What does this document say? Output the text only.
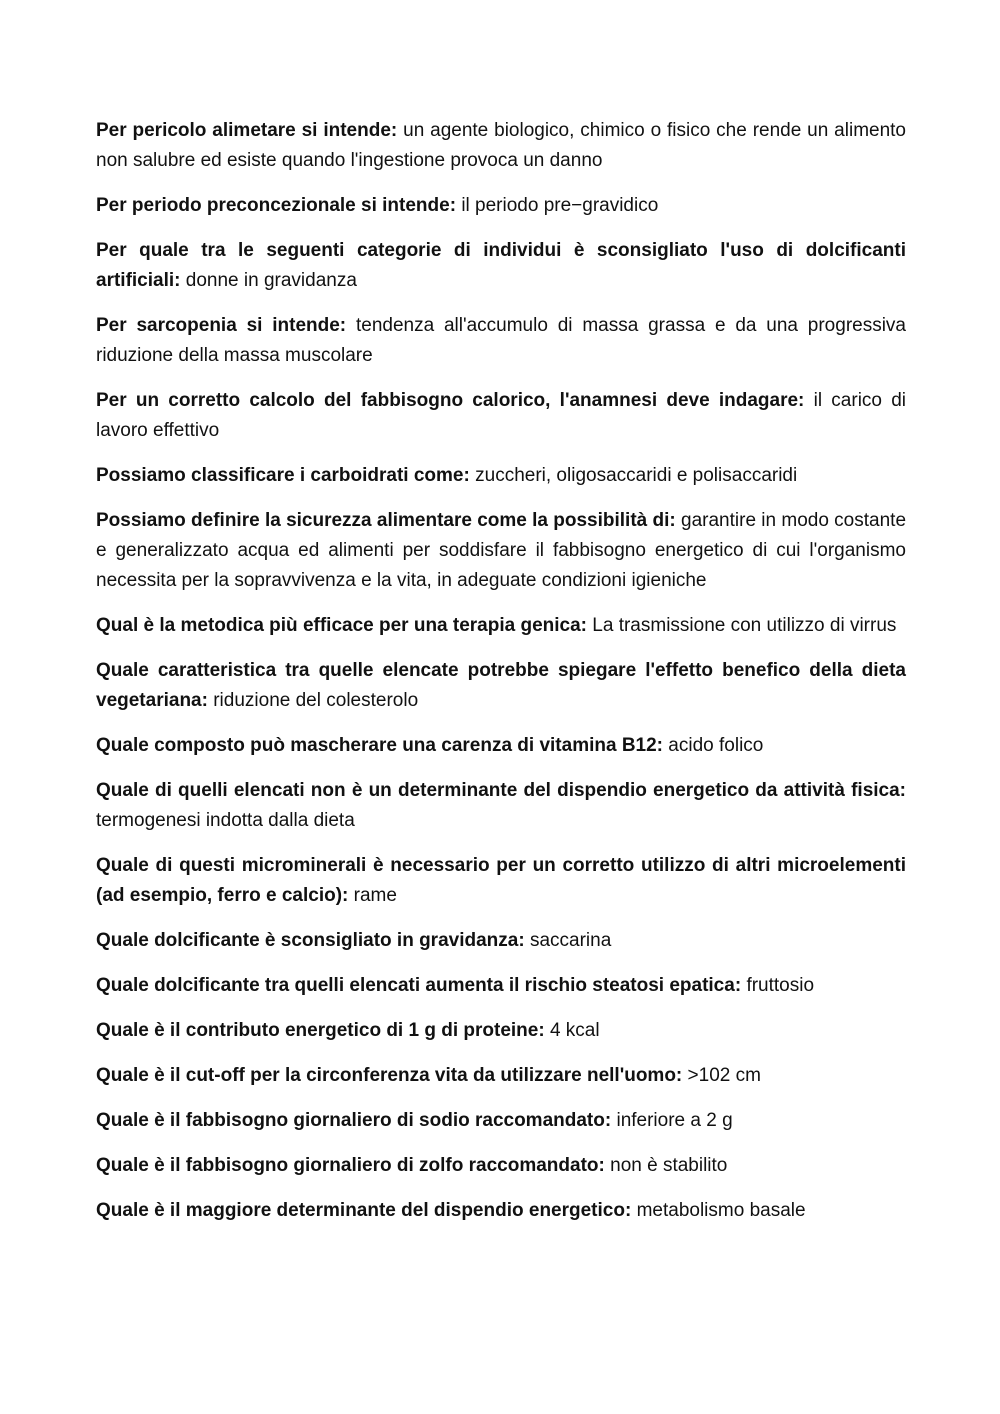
Per pericolo alimetare si intende: un agente biologico, chimico o fisico che rende un alimento non salubre ed esiste quando l'ingestione provoca un danno

Per periodo preconcezionale si intende: il periodo pre−gravidico

Per quale tra le seguenti categorie di individui è sconsigliato l'uso di dolcificanti artificiali: donne in gravidanza

Per sarcopenia si intende: tendenza all'accumulo di massa grassa e da una progressiva riduzione della massa muscolare

Per un corretto calcolo del fabbisogno calorico, l'anamnesi deve indagare: il carico di lavoro effettivo

Possiamo classificare i carboidrati come: zuccheri, oligosaccaridi e polisaccaridi

Possiamo definire la sicurezza alimentare come la possibilità di: garantire in modo costante e generalizzato acqua ed alimenti per soddisfare il fabbisogno energetico di cui l'organismo necessita per la sopravvivenza e la vita, in adeguate condizioni igieniche

Qual è la metodica più efficace per una terapia genica: La trasmissione con utilizzo di virrus

Quale caratteristica tra quelle elencate potrebbe spiegare l'effetto benefico della dieta vegetariana: riduzione del colesterolo

Quale composto può mascherare una carenza di vitamina B12: acido folico

Quale di quelli elencati non è un determinante del dispendio energetico da attività fisica: termogenesi indotta dalla dieta

Quale di questi microminerali è necessario per un corretto utilizzo di altri microelementi (ad esempio, ferro e calcio): rame

Quale dolcificante è sconsigliato in gravidanza: saccarina

Quale dolcificante tra quelli elencati aumenta il rischio steatosi epatica: fruttosio

Quale è il contributo energetico di 1 g di proteine: 4 kcal

Quale è il cut-off per la circonferenza vita da utilizzare nell'uomo: >102 cm

Quale è il fabbisogno giornaliero di sodio raccomandato: inferiore a 2 g

Quale è il fabbisogno giornaliero di zolfo raccomandato: non è stabilito

Quale è il maggiore determinante del dispendio energetico: metabolismo basale
